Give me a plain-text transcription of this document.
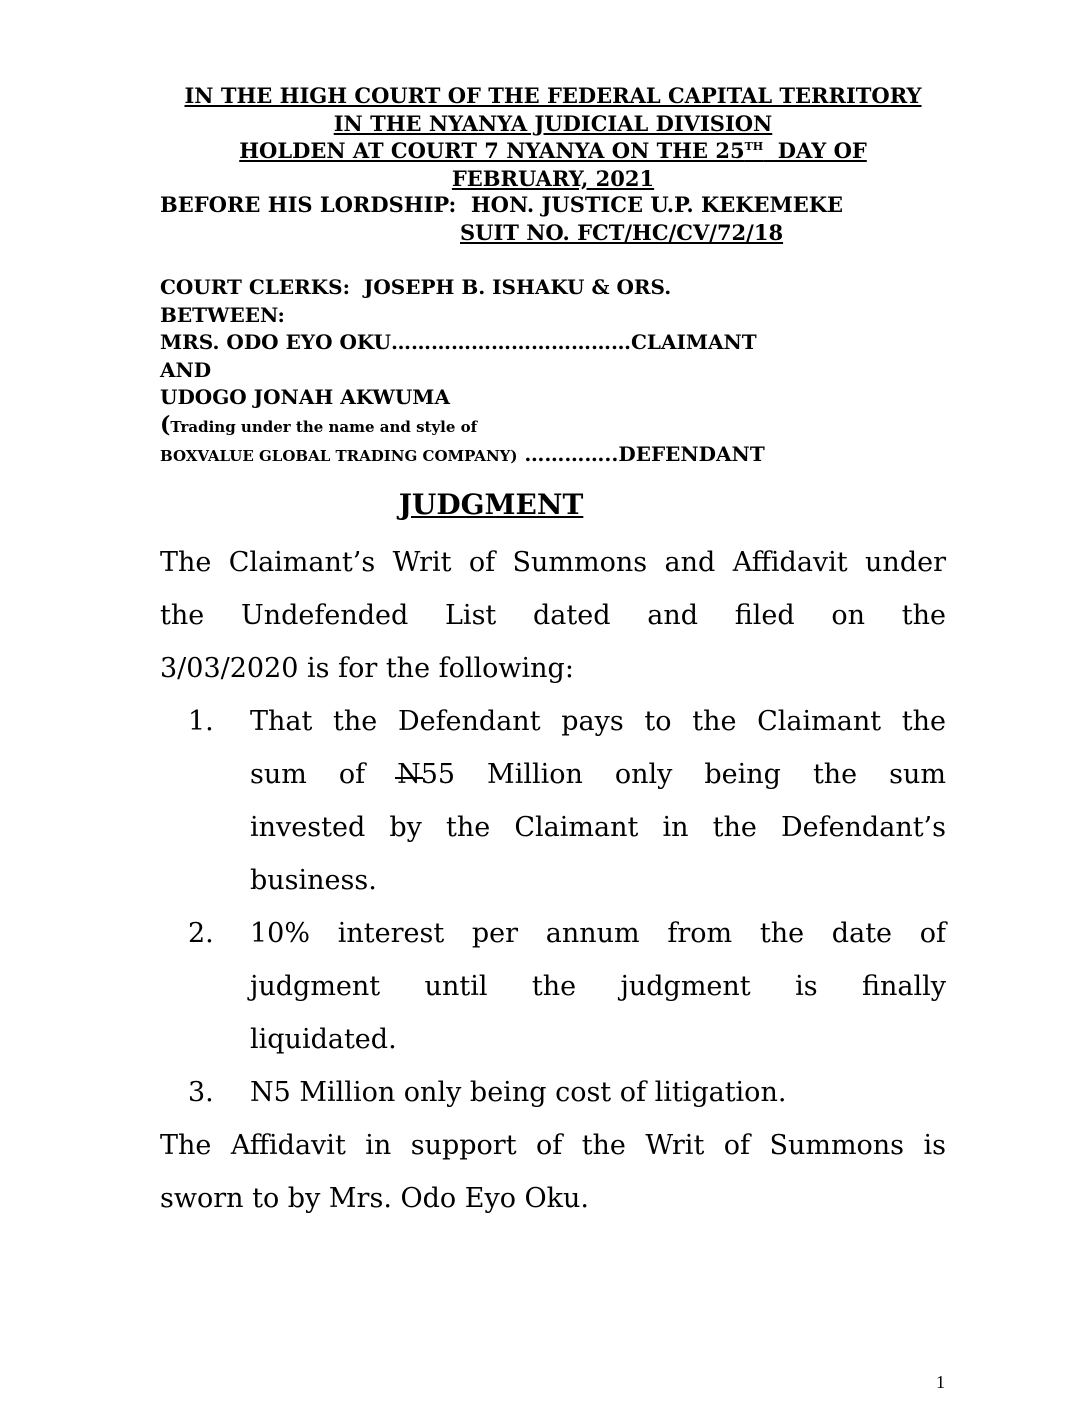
IN THE HIGH COURT OF THE FEDERAL CAPITAL TERRITORY
IN THE NYANYA JUDICIAL DIVISION
HOLDEN AT COURT 7 NYANYA ON THE 25TH  DAY OF
FEBRUARY, 2021
BEFORE HIS LORDSHIP:  HON. JUSTICE U.P. KEKEMEKE
SUIT NO. FCT/HC/CV/72/18
COURT CLERKS:  JOSEPH B. ISHAKU & ORS.
BETWEEN:
MRS. ODO EYO OKU………………………………CLAIMANT
AND
UDOGO JONAH AKWUMA
(Trading under the name and style of
BOXVALUE GLOBAL TRADING COMPANY) …………..DEFENDANT
JUDGMENT
The Claimant’s Writ of Summons and Affidavit under
the Undefended List dated and filed on the
3/03/2020 is for the following:
1.	That the Defendant pays to the Claimant the
sum of N55 Million only being the sum
invested by the Claimant in the Defendant’s
business.
2.	10% interest per annum from the date of
judgment until the judgment is finally
liquidated.
3.	N5 Million only being cost of litigation.
The Affidavit in support of the Writ of Summons is
sworn to by Mrs. Odo Eyo Oku.
1
